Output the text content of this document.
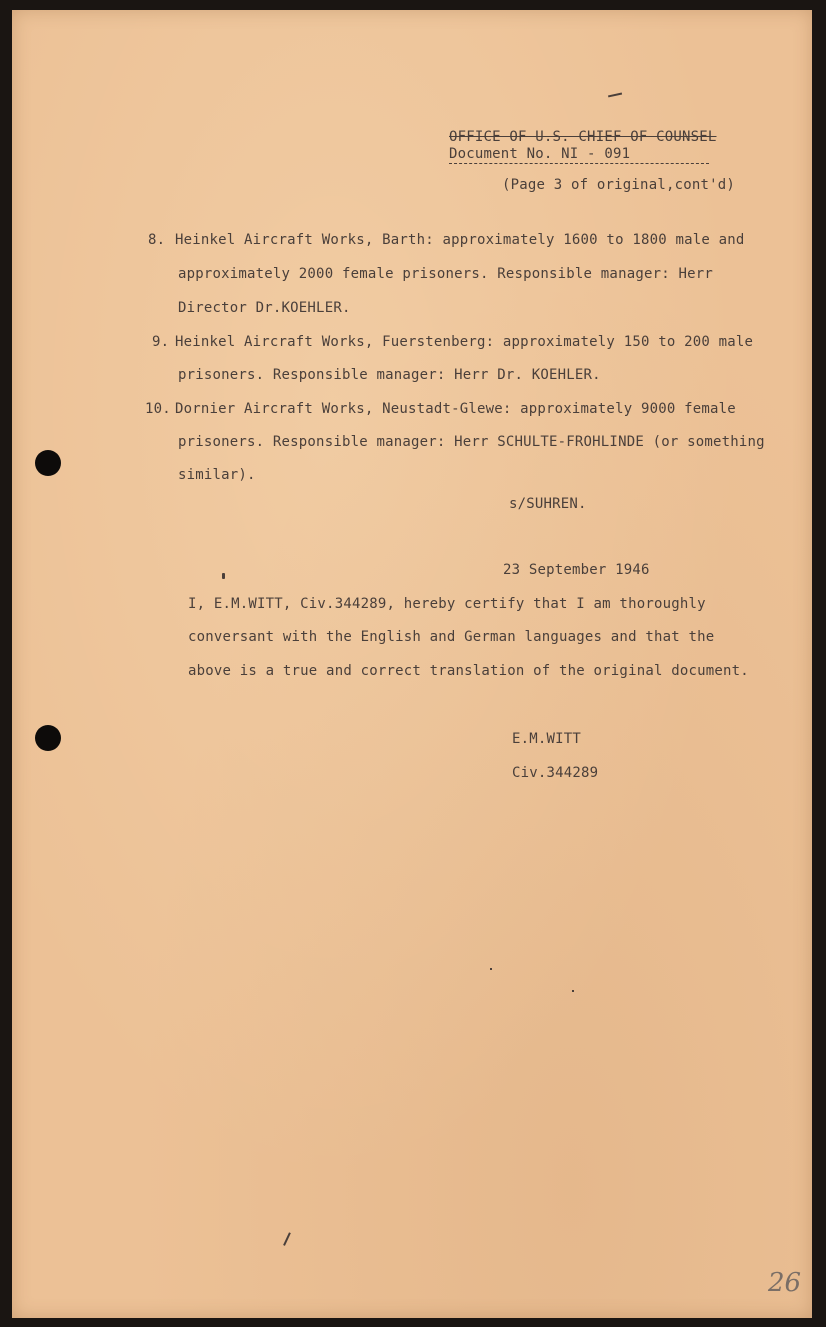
OFFICE OF U.S. CHIEF OF COUNSEL
Document No. NI - 091
(Page 3 of original,cont'd)
8. Heinkel Aircraft Works, Barth: approximately 1600 to 1800 male and
approximately 2000 female prisoners. Responsible manager: Herr
Director Dr.KOEHLER.
9. Heinkel Aircraft Works, Fuerstenberg: approximately 150 to 200 male
prisoners. Responsible manager: Herr Dr. KOEHLER.
10. Dornier Aircraft Works, Neustadt-Glewe: approximately 9000 female
prisoners. Responsible manager: Herr SCHULTE-FROHLINDE (or something
similar).
s/SUHREN.
23 September 1946
I, E.M.WITT, Civ.344289, hereby certify that I am thoroughly
conversant with the English and German languages and that the
above is a true and correct translation of the original document.
E.M.WITT
Civ.344289
26
